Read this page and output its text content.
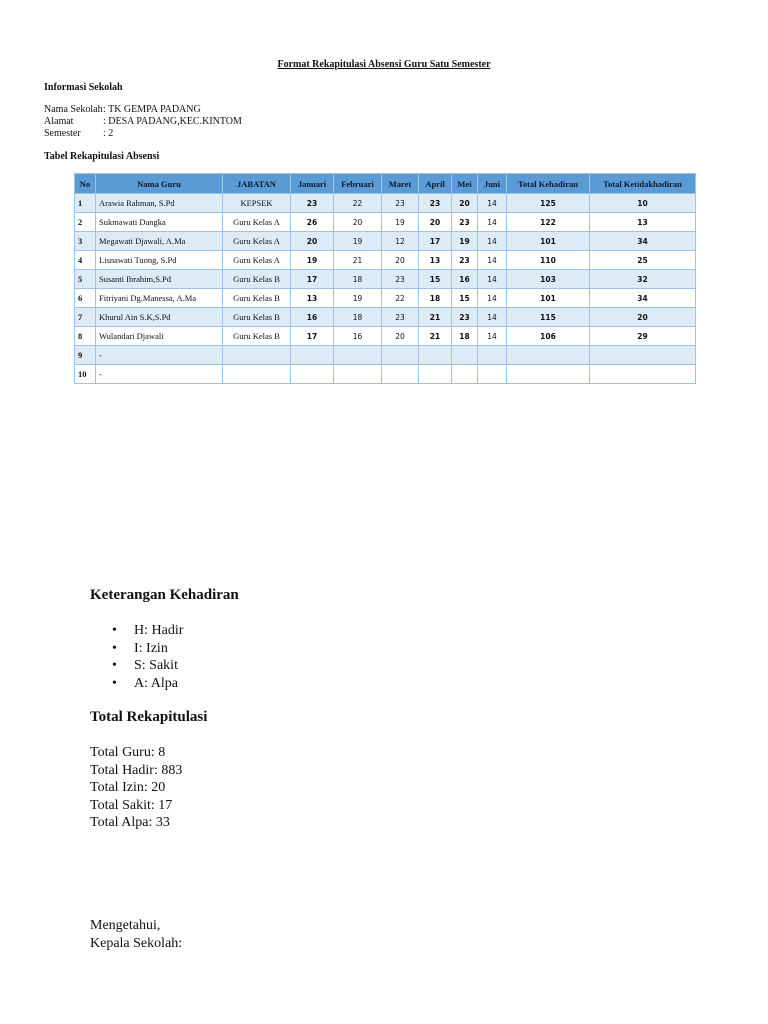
Format Rekapitulasi Absensi Guru Satu Semester
Informasi Sekolah
Nama Sekolah : TK GEMPA PADANG
Alamat	: DESA PADANG,KEC.KINTOM
Semester	: 2
Tabel Rekapitulasi Absensi
No	Nama Guru	JABATAN	Januari	Februari	Maret	April	Mei	Juni	Total Kehadiran	Total Ketidakhadiran
1	Arawia Rahman, S.Pd	KEPSEK	23	22	23	23	20	14	125	10
2	Sukmawati Dangka	Guru Kelas A	26	20	19	20	23	14	122	13
3	Megawati Djawali, A.Ma	Guru Kelas A	20	19	12	17	19	14	101	34
4	Lisnawati Tuong, S.Pd	Guru Kelas A	19	21	20	13	23	14	110	25
5	Susanti Ibrahim,S.Pd	Guru Kelas B	17	18	23	15	16	14	103	32
6	Fitriyani Dg.Manessa, A.Ma	Guru Kelas B	13	19	22	18	15	14	101	34
7	Khurul Ain S.K,S.Pd	Guru Kelas B	16	18	23	21	23	14	115	20
8	Wulandari Djawali	Guru Kelas B	17	16	20	21	18	14	106	29
9	-									
10	-									
Keterangan Kehadiran
• H: Hadir
• I: Izin
• S: Sakit
• A: Alpa
Total Rekapitulasi
Total Guru: 8
Total Hadir: 883
Total Izin: 20
Total Sakit: 17
Total Alpa: 33
Mengetahui,
Kepala Sekolah:
